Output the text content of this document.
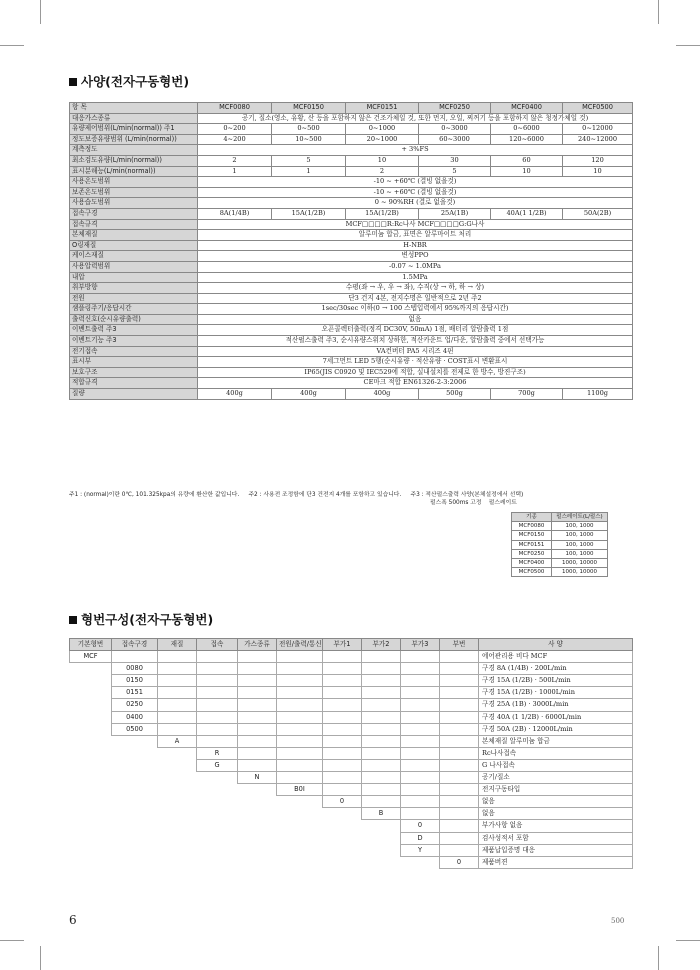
사양(전자구동형번)
항 목	MCF0080	MCF0150	MCF0151	MCF0250	MCF0400	MCF0500
대응가스종류	공기, 질소(영소, 유황, 산 등을 포함하지 않은 건조가체일 것, 또한 먼지, 오일, 찌꺼기 등을 포함하지 않은 청정가체일 것)					
유량제어범위(L/min(normal)) 주1	0~200	0~500	0~1000	0~3000	0~6000	0~12000
정도보증유량범위 (L/min(normal))	4~200	10~500	20~1000	60~3000	120~6000	240~12000
계측정도	+ 3%FS					
최소검도유량(L/min(normal))	2	5	10	30	60	120
표시분해능(L/min(normal))	1	1	2	5	10	10
사용온도범위	-10 ~ +60℃ (결빙 없을것)					
보존온도범위	-10 ~ +60℃ (결빙 없을것)					
사용습도범위	0 ~ 90%RH (결로 없을것)					
접속구경	8A(1/4B)	15A(1/2B)	15A(1/2B)	25A(1B)	40A(1 1/2B)	50A(2B)
접속규격	MCF□□□□R:Rc나사 MCF□□□□G:G나사					
본체재질	알루미늄 합금, 표면은 알루마이트 처리					
O링재질	H-NBR					
케이스재질	변성PPO					
사용압력범위	-0.07 ~ 1.0MPa					
내압	1.5MPa					
취부방향	수평(좌 → 우, 우 → 좌), 수직(상 → 하, 하 → 상)					
전원	단3 건지 4본, 전지수명은 일반적으로 2년 주2					
샘플링주기/응답시간	1sec/30sec 이하(0 → 100 스텝입력에서 95%까지의 응답시간)					
출력신호(순시유량출력)	없음					
이벤트출력 주3	오픈콜렉터출력(정격 DC30V, 50mA) 1점, 배터리 알람출력 1점					
이벤트기능 주3	적산펄스출력 주3, 순시유량스위치 상하한, 적산카운트 업/다운, 알람출력 중에서 선택가능					
전기접속	VA컨버터 PA5 시리즈 4핀					
표시부	7세그먼트 LED 5행(순시유량 · 적산유량 · COST표시 변환표시					
보호구조	IP65(JIS C0920 및 IEC529에 적합, 실내설치를 전제로 한 방수, 방진구조)					
적합규격	CE마크 적합 EN61326-2-3:2006					
질량	400g	400g	400g	500g	700g	1100g
주1 : (normal)이란 0℃, 101.325kpa의 유량에 환산한 값입니다. 주2 : 사용전 조정함에 단3 건전지 4개를 포함하고 있습니다. 주3 : 적산펄스출력 사양(본체설정에서 선택)
펄스폭 500ms 고정 펄스레이트
기종	펄스레이트(L/펄스)
MCF0080	100, 1000
MCF0150	100, 1000
MCF0151	100, 1000
MCF0250	100, 1000
MCF0400	1000, 10000
MCF0500	1000, 10000
형번구성(전자구동형번)
기본형번	접속구경	재질	접속	가스종류	전원/출력/통신	부가1	부가2	부가3	부번	사 양
MCF										에어관리용 비다 MCF
	0080									구경 8A (1/4B) · 200L/min
	0150									구경 15A (1/2B) · 500L/min
	0151									구경 15A (1/2B) · 1000L/min
	0250									구경 25A (1B) · 3000L/min
	0400									구경 40A (1 1/2B) · 6000L/min
	0500									구경 50A (2B) · 12000L/min
		A								본체재질 알루미늄 합금
			R							Rc나사접속
			G							G 나사접속
				N						공기/질소
					B0I					전지구동타입
						0				없음
							B			없음
								0		부가사항 없음
								D		검사성적서 포함
								Y		제품납입증명 대응
									0	제품버젼
6	500
